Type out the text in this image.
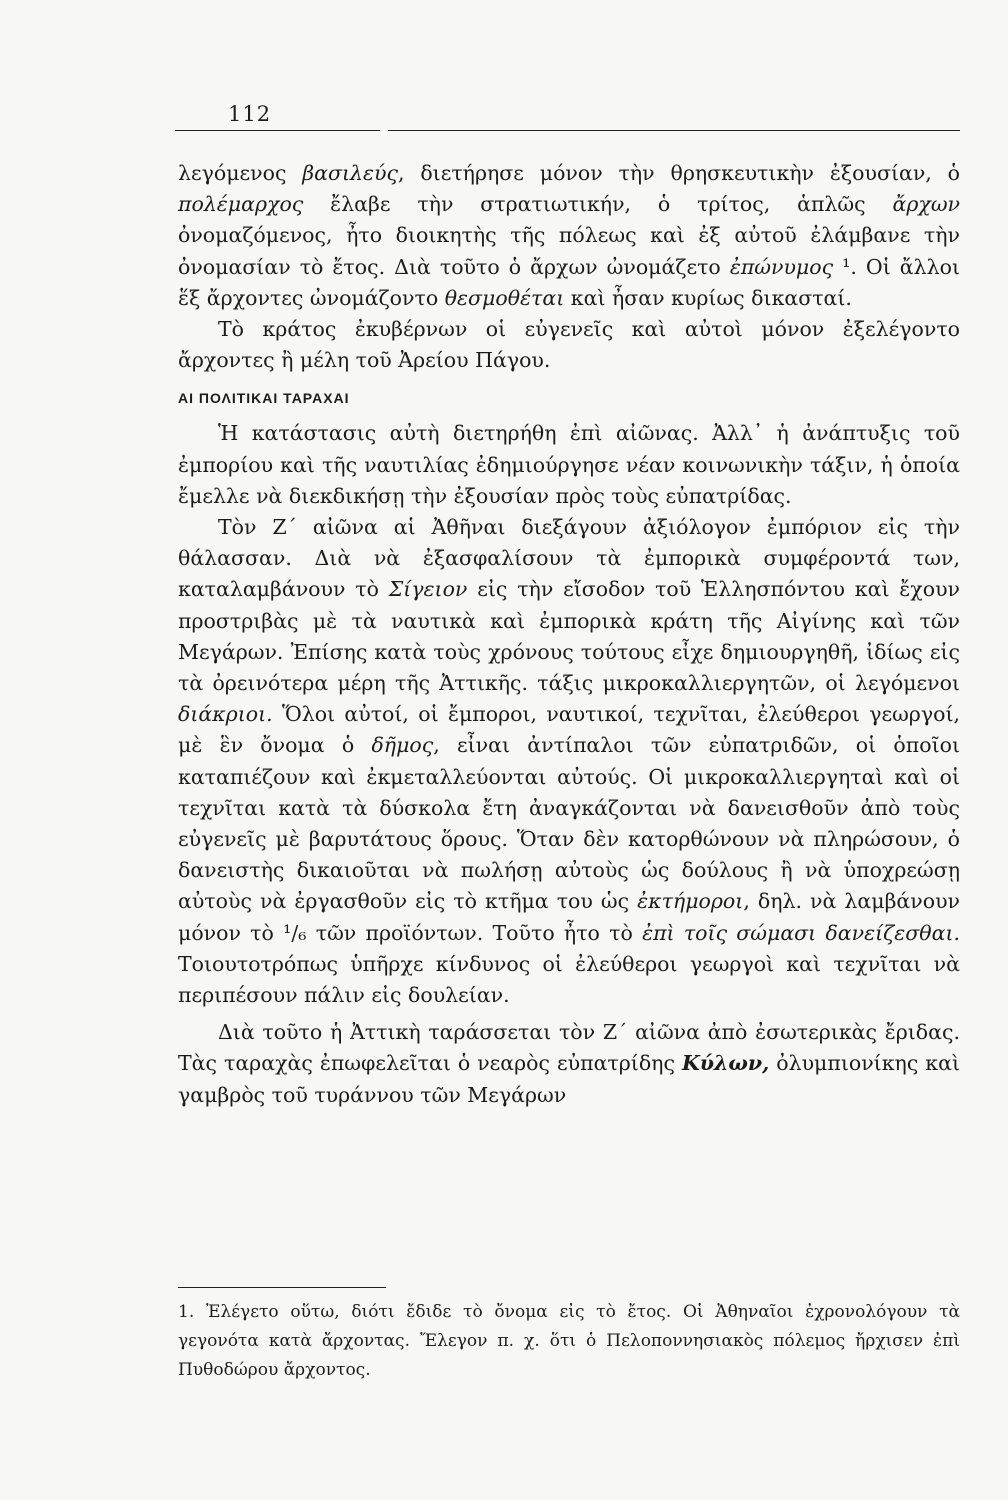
112

λεγόμενος βασιλεύς, διετήρησε μόνον τὴν θρησκευτικὴν ἐξουσίαν, ὁ πολέμαρχος ἔλαβε τὴν στρατιωτικήν, ὁ τρίτος, ἁπλῶς ἄρχων ὀνομαζόμενος, ἦτο διοικητὴς τῆς πόλεως καὶ ἐξ αὐτοῦ ἐλάμβανε τὴν ὀνομασίαν τὸ ἔτος. Διὰ τοῦτο ὁ ἄρχων ὠνομάζετο ἐπώνυμος ¹. Οἱ ἄλλοι ἕξ ἄρχοντες ὠνομάζοντο θεσμοθέται καὶ ἦσαν κυρίως δικασταί.

Τὸ κράτος ἐκυβέρνων οἱ εὐγενεῖς καὶ αὐτοὶ μόνον ἐξελέγοντο ἄρχοντες ἢ μέλη τοῦ Ἀρείου Πάγου.

ΑΙ ΠΟΛΙΤΙΚΑΙ ΤΑΡΑΧΑΙ

Ἡ κατάστασις αὐτὴ διετηρήθη ἐπὶ αἰῶνας. Ἀλλ᾽ ἡ ἀνάπτυξις τοῦ ἐμπορίου καὶ τῆς ναυτιλίας ἐδημιούργησε νέαν κοινωνικὴν τάξιν, ἡ ὁποία ἔμελλε νὰ διεκδικήσῃ τὴν ἐξουσίαν πρὸς τοὺς εὐπατρίδας.

Τὸν Ζ΄ αἰῶνα αἱ Ἀθῆναι διεξάγουν ἀξιόλογον ἐμπόριον εἰς τὴν θάλασσαν. Διὰ νὰ ἐξασφαλίσουν τὰ ἐμπορικὰ συμφέροντά των, καταλαμβάνουν τὸ Σίγειον εἰς τὴν εἴσοδον τοῦ Ἑλλησπόντου καὶ ἔχουν προστριβὰς μὲ τὰ ναυτικὰ καὶ ἐμπορικὰ κράτη τῆς Αἰγίνης καὶ τῶν Μεγάρων. Ἐπίσης κατὰ τοὺς χρόνους τούτους εἶχε δημιουργηθῆ, ἰδίως εἰς τὰ ὀρεινότερα μέρη τῆς Ἀττικῆς. τάξις μικροκαλλιεργητῶν, οἱ λεγόμενοι διάκριοι. Ὅλοι αὐτοί, οἱ ἔμποροι, ναυτικοί, τεχνῖται, ἐλεύθεροι γεωργοί, μὲ ἓν ὄνομα ὁ δῆμος, εἶναι ἀντίπαλοι τῶν εὐπατριδῶν, οἱ ὁποῖοι καταπιέζουν καὶ ἐκμεταλλεύονται αὐτούς. Οἱ μικροκαλλιεργηταὶ καὶ οἱ τεχνῖται κατὰ τὰ δύσκολα ἔτη ἀναγκάζονται νὰ δανεισθοῦν ἀπὸ τοὺς εὐγενεῖς μὲ βαρυτάτους ὅρους. Ὅταν δὲν κατορθώνουν νὰ πληρώσουν, ὁ δανειστὴς δικαιοῦται νὰ πωλήσῃ αὐτοὺς ὡς δούλους ἢ νὰ ὑποχρεώσῃ αὐτοὺς νὰ ἐργασθοῦν εἰς τὸ κτῆμα του ὡς ἐκτήμοροι, δηλ. νὰ λαμβάνουν μόνον τὸ ¹/₆ τῶν προϊόντων. Τοῦτο ἦτο τὸ ἐπὶ τοῖς σώμασι δανείζεσθαι. Τοιουτοτρόπως ὑπῆρχε κίνδυνος οἱ ἐλεύθεροι γεωργοὶ καὶ τεχνῖται νὰ περιπέσουν πάλιν εἰς δουλείαν.

Διὰ τοῦτο ἡ Ἀττικὴ ταράσσεται τὸν Ζ΄ αἰῶνα ἀπὸ ἐσωτερικὰς ἔριδας. Τὰς ταραχὰς ἐπωφελεῖται ὁ νεαρὸς εὐπατρίδης Κύλων, ὀλυμπιονίκης καὶ γαμβρὸς τοῦ τυράννου τῶν Μεγάρων

1. Ἐλέγετο οὕτω, διότι ἔδιδε τὸ ὄνομα εἰς τὸ ἔτος. Οἱ Ἀθηναῖοι ἐχρονολόγουν τὰ γεγονότα κατὰ ἄρχοντας. Ἔλεγον π. χ. ὅτι ὁ Πελοποννησιακὸς πόλεμος ἤρχισεν ἐπὶ Πυθοδώρου ἄρχοντος.
